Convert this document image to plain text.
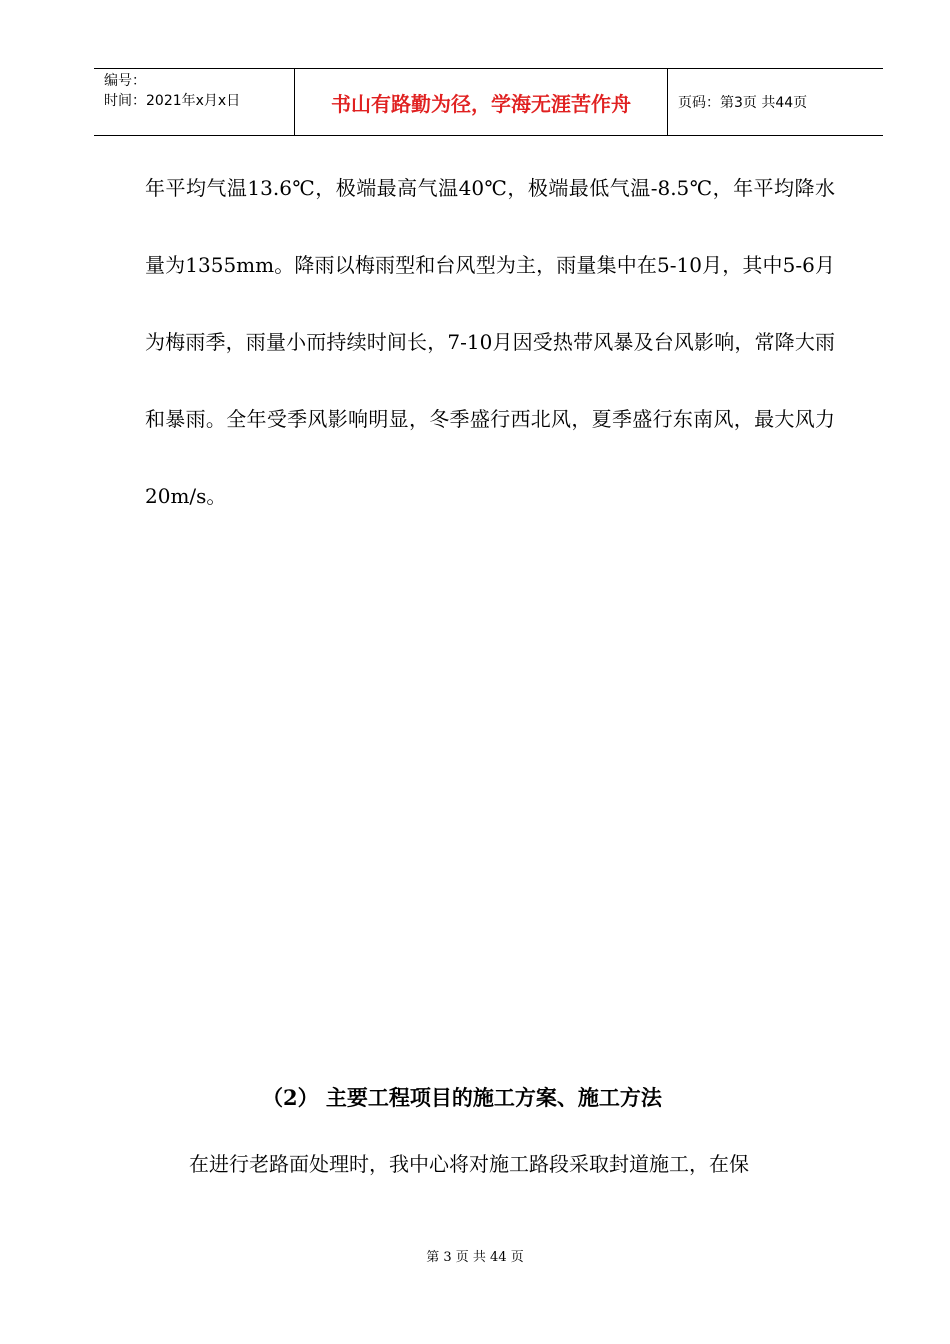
编号：
时间：2021年x月x日	书山有路勤为径，学海无涯苦作舟	页码：第3页 共44页
年平均气温13.6℃，极端最高气温40℃，极端最低气温-8.5℃，年平均降水量为1355mm。降雨以梅雨型和台风型为主，雨量集中在5-10月，其中5-6月为梅雨季，雨量小而持续时间长，7-10月因受热带风暴及台风影响，常降大雨和暴雨。全年受季风影响明显，冬季盛行西北风，夏季盛行东南风，最大风力20m/s。
（2） 主要工程项目的施工方案、施工方法
在进行老路面处理时，我中心将对施工路段采取封道施工，在保
第 3 页 共 44 页
